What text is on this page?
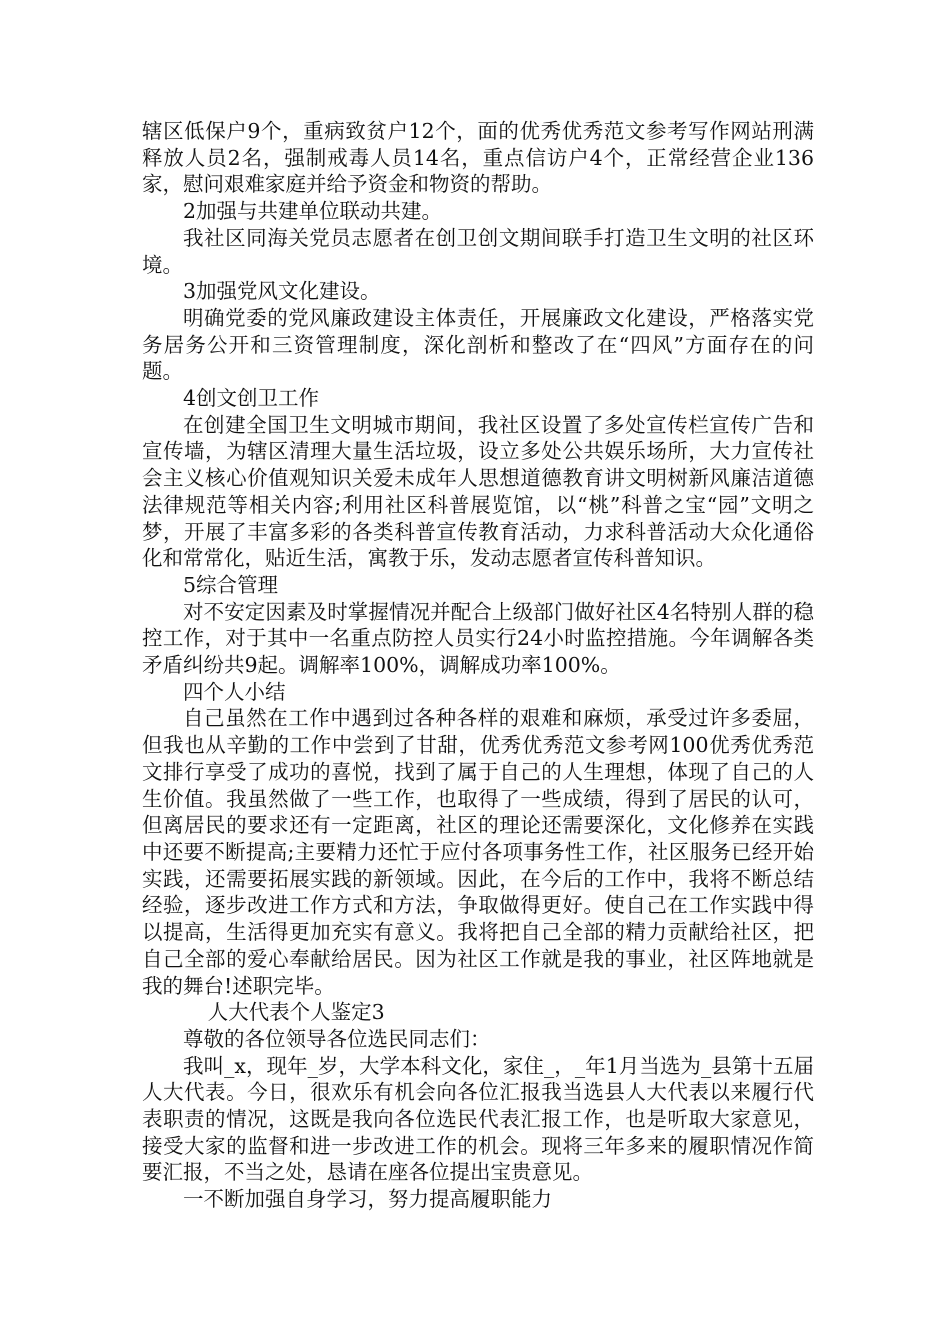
辖区低保户9个，重病致贫户12个，面的优秀优秀范文参考写作网站刑满释放人员2名，强制戒毒人员14名，重点信访户4个，正常经营企业136家，慰问艰难家庭并给予资金和物资的帮助。

2加强与共建单位联动共建。

我社区同海关党员志愿者在创卫创文期间联手打造卫生文明的社区环境。

3加强党风文化建设。

明确党委的党风廉政建设主体责任，开展廉政文化建设，严格落实党务居务公开和三资管理制度，深化剖析和整改了在“四风”方面存在的问题。

4创文创卫工作

在创建全国卫生文明城市期间，我社区设置了多处宣传栏宣传广告和宣传墙，为辖区清理大量生活垃圾，设立多处公共娱乐场所，大力宣传社会主义核心价值观知识关爱未成年人思想道德教育讲文明树新风廉洁道德法律规范等相关内容;利用社区科普展览馆，以“桃”科普之宝“园”文明之梦，开展了丰富多彩的各类科普宣传教育活动，力求科普活动大众化通俗化和常常化，贴近生活，寓教于乐，发动志愿者宣传科普知识。

5综合管理

对不安定因素及时掌握情况并配合上级部门做好社区4名特别人群的稳控工作，对于其中一名重点防控人员实行24小时监控措施。今年调解各类矛盾纠纷共9起。调解率100%，调解成功率100%。

四个人小结

自己虽然在工作中遇到过各种各样的艰难和麻烦，承受过许多委屈，但我也从辛勤的工作中尝到了甘甜，优秀优秀范文参考网100优秀优秀范文排行享受了成功的喜悦，找到了属于自己的人生理想，体现了自己的人生价值。我虽然做了一些工作，也取得了一些成绩，得到了居民的认可，但离居民的要求还有一定距离，社区的理论还需要深化，文化修养在实践中还要不断提高;主要精力还忙于应付各项事务性工作，社区服务已经开始实践，还需要拓展实践的新领域。因此，在今后的工作中，我将不断总结经验，逐步改进工作方式和方法，争取做得更好。使自己在工作实践中得以提高，生活得更加充实有意义。我将把自己全部的精力贡献给社区，把自己全部的爱心奉献给居民。因为社区工作就是我的事业，社区阵地就是我的舞台!述职完毕。

人大代表个人鉴定3

尊敬的各位领导各位选民同志们：

我叫_x，现年_岁，大学本科文化，家住_，_年1月当选为_县第十五届人大代表。今日，很欢乐有机会向各位汇报我当选县人大代表以来履行代表职责的情况，这既是我向各位选民代表汇报工作，也是听取大家意见，接受大家的监督和进一步改进工作的机会。现将三年多来的履职情况作简要汇报，不当之处，恳请在座各位提出宝贵意见。

一不断加强自身学习，努力提高履职能力
